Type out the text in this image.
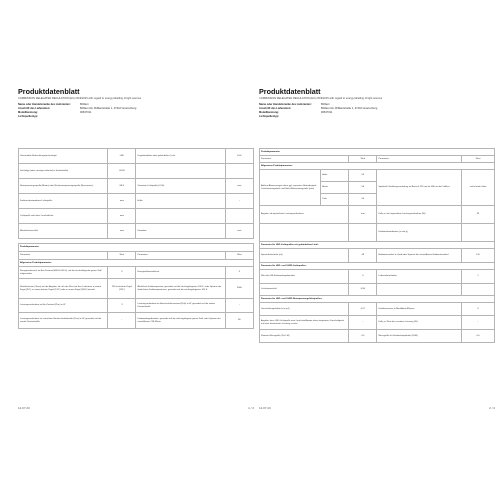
Produktdatenblatt
COMMISSION DELEGATED REGULATION (EU) 2019/2015 with regard to energy labelling of light sources
Name oder Handelsmarke des Lieferanten:	Brilliant
Anschrift des Lieferanten:	Brilliant AG, Brilliantstraße 1, 27442 Gnarrenburg
Modellkennung:	96637011
Lichtquellentyp:
Verwendete Beleuchtungstechnologie:	LED	Ungebündeltes oder gebündeltes Licht:	DLS
Sockeltyp (oder sonstige elektrische Schnittstelle)	GU10		
Netzspannungsquelle (Mains) oder Nichtnetzspannungsquelle (Non-mains):	MLS	Vernetzte Lichtquelle (CLS):	nein
Farbton-abstimmbare Lichtquelle:	nein	Hülle:	-
Lichtquelle mit hoher Leuchtdichte:	nein		
Blendschutzschild:	nein	Dimmbar:	nein
Produktparameter			
Parameter	Wert	Parameter	Wert
Allgemeine Produktparameter:			
Energieverbrauch im Ein-Zustand (kWh/1.000 h), auf die nächstfolgende ganze Zahl aufgerundet	3	Energieeffizienzklasse	F
Nutzlichtstrom (Φuse) mit der Angabe, ob sich der Wert auf den Lichtstrom in einem Kegel (90°), in einem breiten Kegel (120°) oder in einem Kegel (360°) bezieht	250 in breitem Kegel (120°)	Ähnlichste Farbtemperatur, gerundet auf die nächstgelegenen 100 K, oder Spanne der ähnlichsten Farbtemperaturen, gerundet auf die nächstgelegenen 100 K	3000
Leistungsaufnahme im Ein-Zustand (Pon) in W	3	Leistungsaufnahme im Bereitschaftszustand (Psb) in W, gerundet auf die zweite Dezimalstelle	-
Leistungsaufnahme im vernetzten Bereitschaftsbetrieb (Pnet) in W, gerundet auf die zweite Dezimalstelle	-	Farbwiedergabeindex, gerundet auf die nächstgelegene ganze Zahl, oder Spanne der einstellbaren CRI-Werte	80
12.07.23	1 / 2
Produktdatenblatt
COMMISSION DELEGATED REGULATION (EU) 2019/2015 with regard to energy labelling of light sources
Name oder Handelsmarke des Lieferanten:	Brilliant
Anschrift des Lieferanten:	Brilliant AG, Brilliantstraße 1, 27442 Gnarrenburg
Modellkennung:	96637011
Lichtquellentyp:
Produktparameter				
Parameter		Wert	Parameter	Wert
Allgemeine Produktparameter:				
Äußere Abmessungen ohne ggf. separates Betriebsgerät, Lichtsteuerungsteile und Nicht-Beleuchtungsteile (mm)	Höhe	55	Spektrale Strahlungsverteilung im Bereich 250 nm bis 800 nm bei Volllast	siehe letzte Seite
	Breite	50		
	Tiefe	50		
Angabe, ob äquivalente Leistungsaufnahme		true	Falls ja, der äquivalente Leistungsaufnahme (W)	35
			Farbwertkoordinaten (x und y)	
Parameter für LED-Lichtquellen mit gebündeltem Licht:				
Spitzenlichtstärke (cd)		48	Halbwertswinkel in Grad oder Spanne der einstellbaren Halbwertswinkel	110
Parameter für LED- und OLED-Lichtquellen:				
Wert des R9-Farbwiedergabeindex		0	Lebensdauerfaktor	1
Lichtstromerhalt		0,96		
Parameter für LED- und OLED-Netzspannungslichtquellen:				
Verschiebungsfaktor (cos φ1)		0,57	Farbkonsistenz in MacAdam-Ellipsen	6
Angabe, dass LED-Lichtquelle eine Leuchtstofflampe ohne integriertes Vorschaltgerät mit einer bestimmten Leistung ersetzt		-	Falls ja, Wert der ersetzten Leistung (W)	-
Flimmer-Messgröße (Pst LM)		0,5	Messgröße für Stroboskopeffekte (SVM)	0,6
12.07.23	2 / 2
